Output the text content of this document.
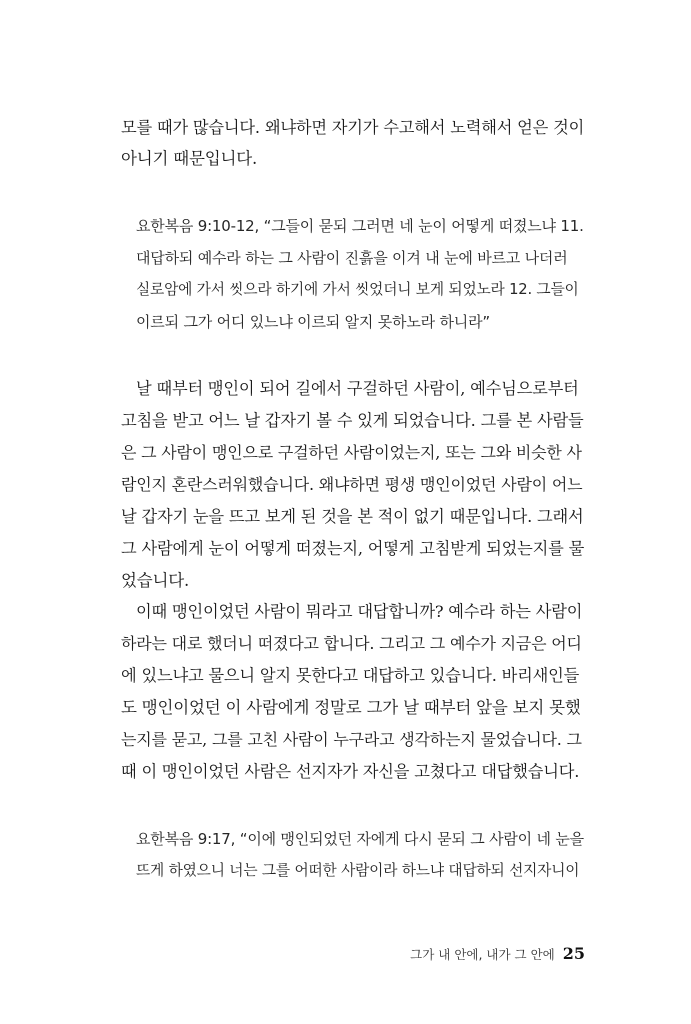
모를 때가 많습니다. 왜냐하면 자기가 수고해서 노력해서 얻은 것이
아니기 때문입니다.
요한복음 9:10-12, “그들이 묻되 그러면 네 눈이 어떻게 떠졌느냐 11.
대답하되 예수라 하는 그 사람이 진흙을 이겨 내 눈에 바르고 나더러
실로암에 가서 씻으라 하기에 가서 씻었더니 보게 되었노라 12. 그들이
이르되 그가 어디 있느냐 이르되 알지 못하노라 하니라”
날 때부터 맹인이 되어 길에서 구걸하던 사람이, 예수님으로부터
고침을 받고 어느 날 갑자기 볼 수 있게 되었습니다. 그를 본 사람들
은 그 사람이 맹인으로 구걸하던 사람이었는지, 또는 그와 비슷한 사
람인지 혼란스러워했습니다. 왜냐하면 평생 맹인이었던 사람이 어느
날 갑자기 눈을 뜨고 보게 된 것을 본 적이 없기 때문입니다. 그래서
그 사람에게 눈이 어떻게 떠졌는지, 어떻게 고침받게 되었는지를 물
었습니다.
이때 맹인이었던 사람이 뭐라고 대답합니까? 예수라 하는 사람이
하라는 대로 했더니 떠졌다고 합니다. 그리고 그 예수가 지금은 어디
에 있느냐고 물으니 알지 못한다고 대답하고 있습니다. 바리새인들
도 맹인이었던 이 사람에게 정말로 그가 날 때부터 앞을 보지 못했
는지를 묻고, 그를 고친 사람이 누구라고 생각하는지 물었습니다. 그
때 이 맹인이었던 사람은 선지자가 자신을 고쳤다고 대답했습니다.
요한복음 9:17, “이에 맹인되었던 자에게 다시 묻되 그 사람이 네 눈을
뜨게 하였으니 너는 그를 어떠한 사람이라 하느냐 대답하되 선지자니이
그가 내 안에, 내가 그 안에 25
